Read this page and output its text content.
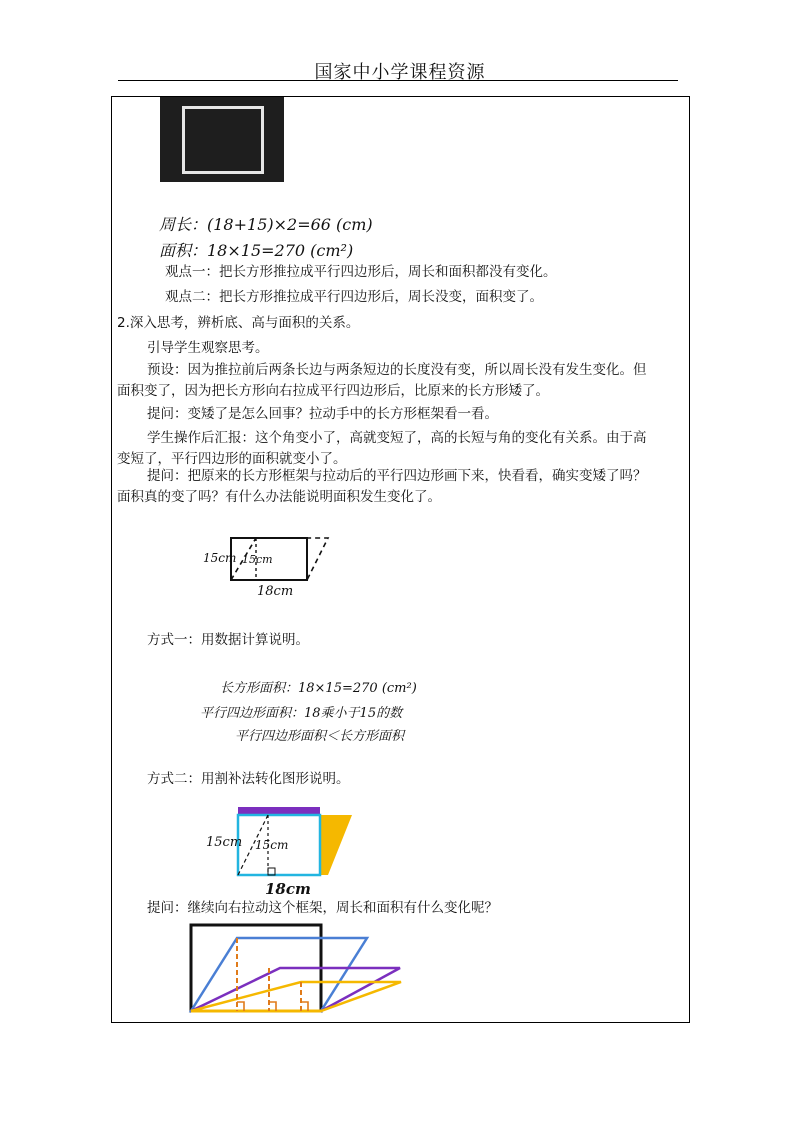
国家中小学课程资源
周长：(18+15)×2=66 (cm)
面积：18×15=270 (cm²)
观点一：把长方形推拉成平行四边形后，周长和面积都没有变化。
观点二：把长方形推拉成平行四边形后，周长没变，面积变了。
2.深入思考，辨析底、高与面积的关系。
引导学生观察思考。
预设：因为推拉前后两条长边与两条短边的长度没有变，所以周长没有发生变化。但
面积变了，因为把长方形向右拉成平行四边形后，比原来的长方形矮了。
提问：变矮了是怎么回事？拉动手中的长方形框架看一看。
学生操作后汇报：这个角变小了，高就变短了，高的长短与角的变化有关系。由于高
变短了，平行四边形的面积就变小了。
提问：把原来的长方形框架与拉动后的平行四边形画下来，快看看，确实变矮了吗？
面积真的变了吗？有什么办法能说明面积发生变化了。
15cm 15cm
18cm
方式一：用数据计算说明。
长方形面积：18×15=270 (cm²)
平行四边形面积：18乘小于15的数
平行四边形面积＜长方形面积
方式二：用割补法转化图形说明。
15cm 15cm
18cm
提问：继续向右拉动这个框架，周长和面积有什么变化呢？
